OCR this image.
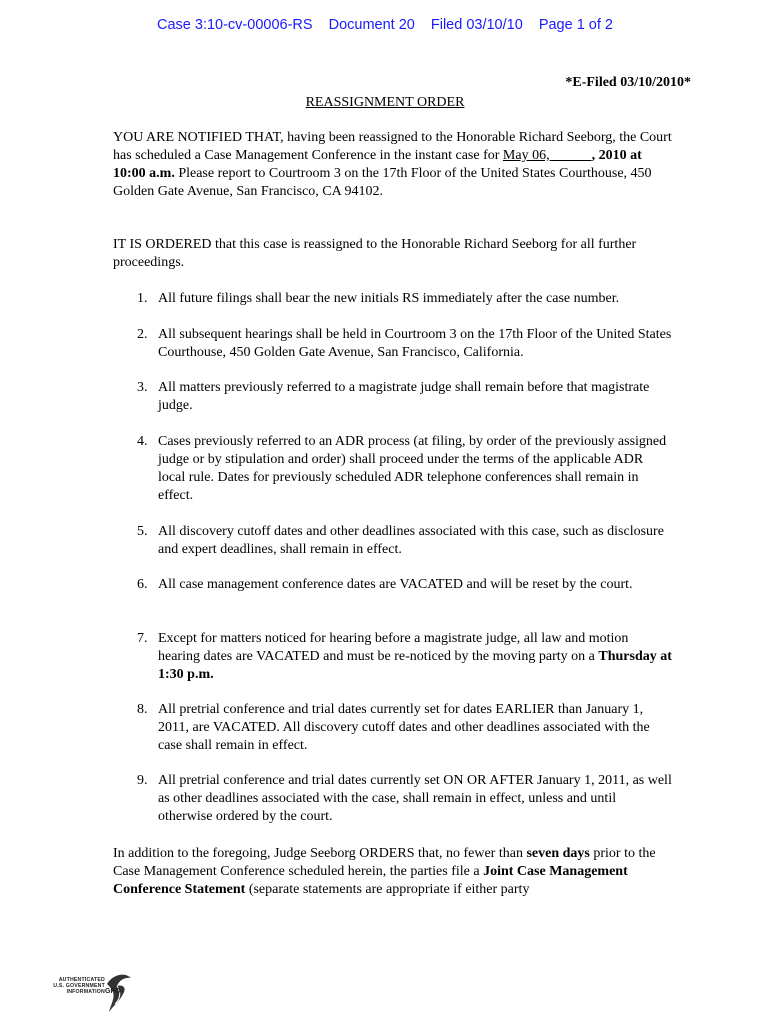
Case 3:10-cv-00006-RS Document 20 Filed 03/10/10 Page 1 of 2
*E-Filed 03/10/2010*
REASSIGNMENT ORDER

YOU ARE NOTIFIED THAT, having been reassigned to the Honorable Richard Seeborg, the Court has scheduled a Case Management Conference in the instant case for May 06,            , 2010 at 10:00 a.m. Please report to Courtroom 3 on the 17th Floor of the United States Courthouse, 450 Golden Gate Avenue, San Francisco, CA 94102.

IT IS ORDERED that this case is reassigned to the Honorable Richard Seeborg for all further proceedings.

1. All future filings shall bear the new initials RS immediately after the case number.
2. All subsequent hearings shall be held in Courtroom 3 on the 17th Floor of the United States Courthouse, 450 Golden Gate Avenue, San Francisco, California.
3. All matters previously referred to a magistrate judge shall remain before that magistrate judge.
4. Cases previously referred to an ADR process (at filing, by order of the previously assigned judge or by stipulation and order) shall proceed under the terms of the applicable ADR local rule. Dates for previously scheduled ADR telephone conferences shall remain in effect.
5. All discovery cutoff dates and other deadlines associated with this case, such as disclosure and expert deadlines, shall remain in effect.
6. All case management conference dates are VACATED and will be reset by the court.
7. Except for matters noticed for hearing before a magistrate judge, all law and motion hearing dates are VACATED and must be re-noticed by the moving party on a Thursday at 1:30 p.m.
8. All pretrial conference and trial dates currently set for dates EARLIER than January 1, 2011, are VACATED. All discovery cutoff dates and other deadlines associated with the case shall remain in effect.
9. All pretrial conference and trial dates currently set ON OR AFTER January 1, 2011, as well as other deadlines associated with the case, shall remain in effect, unless and until otherwise ordered by the court.

In addition to the foregoing, Judge Seeborg ORDERS that, no fewer than seven days prior to the Case Management Conference scheduled herein, the parties file a Joint Case Management Conference Statement (separate statements are appropriate if either party

AUTHENTICATED
U.S. GOVERNMENT
INFORMATION GPO
